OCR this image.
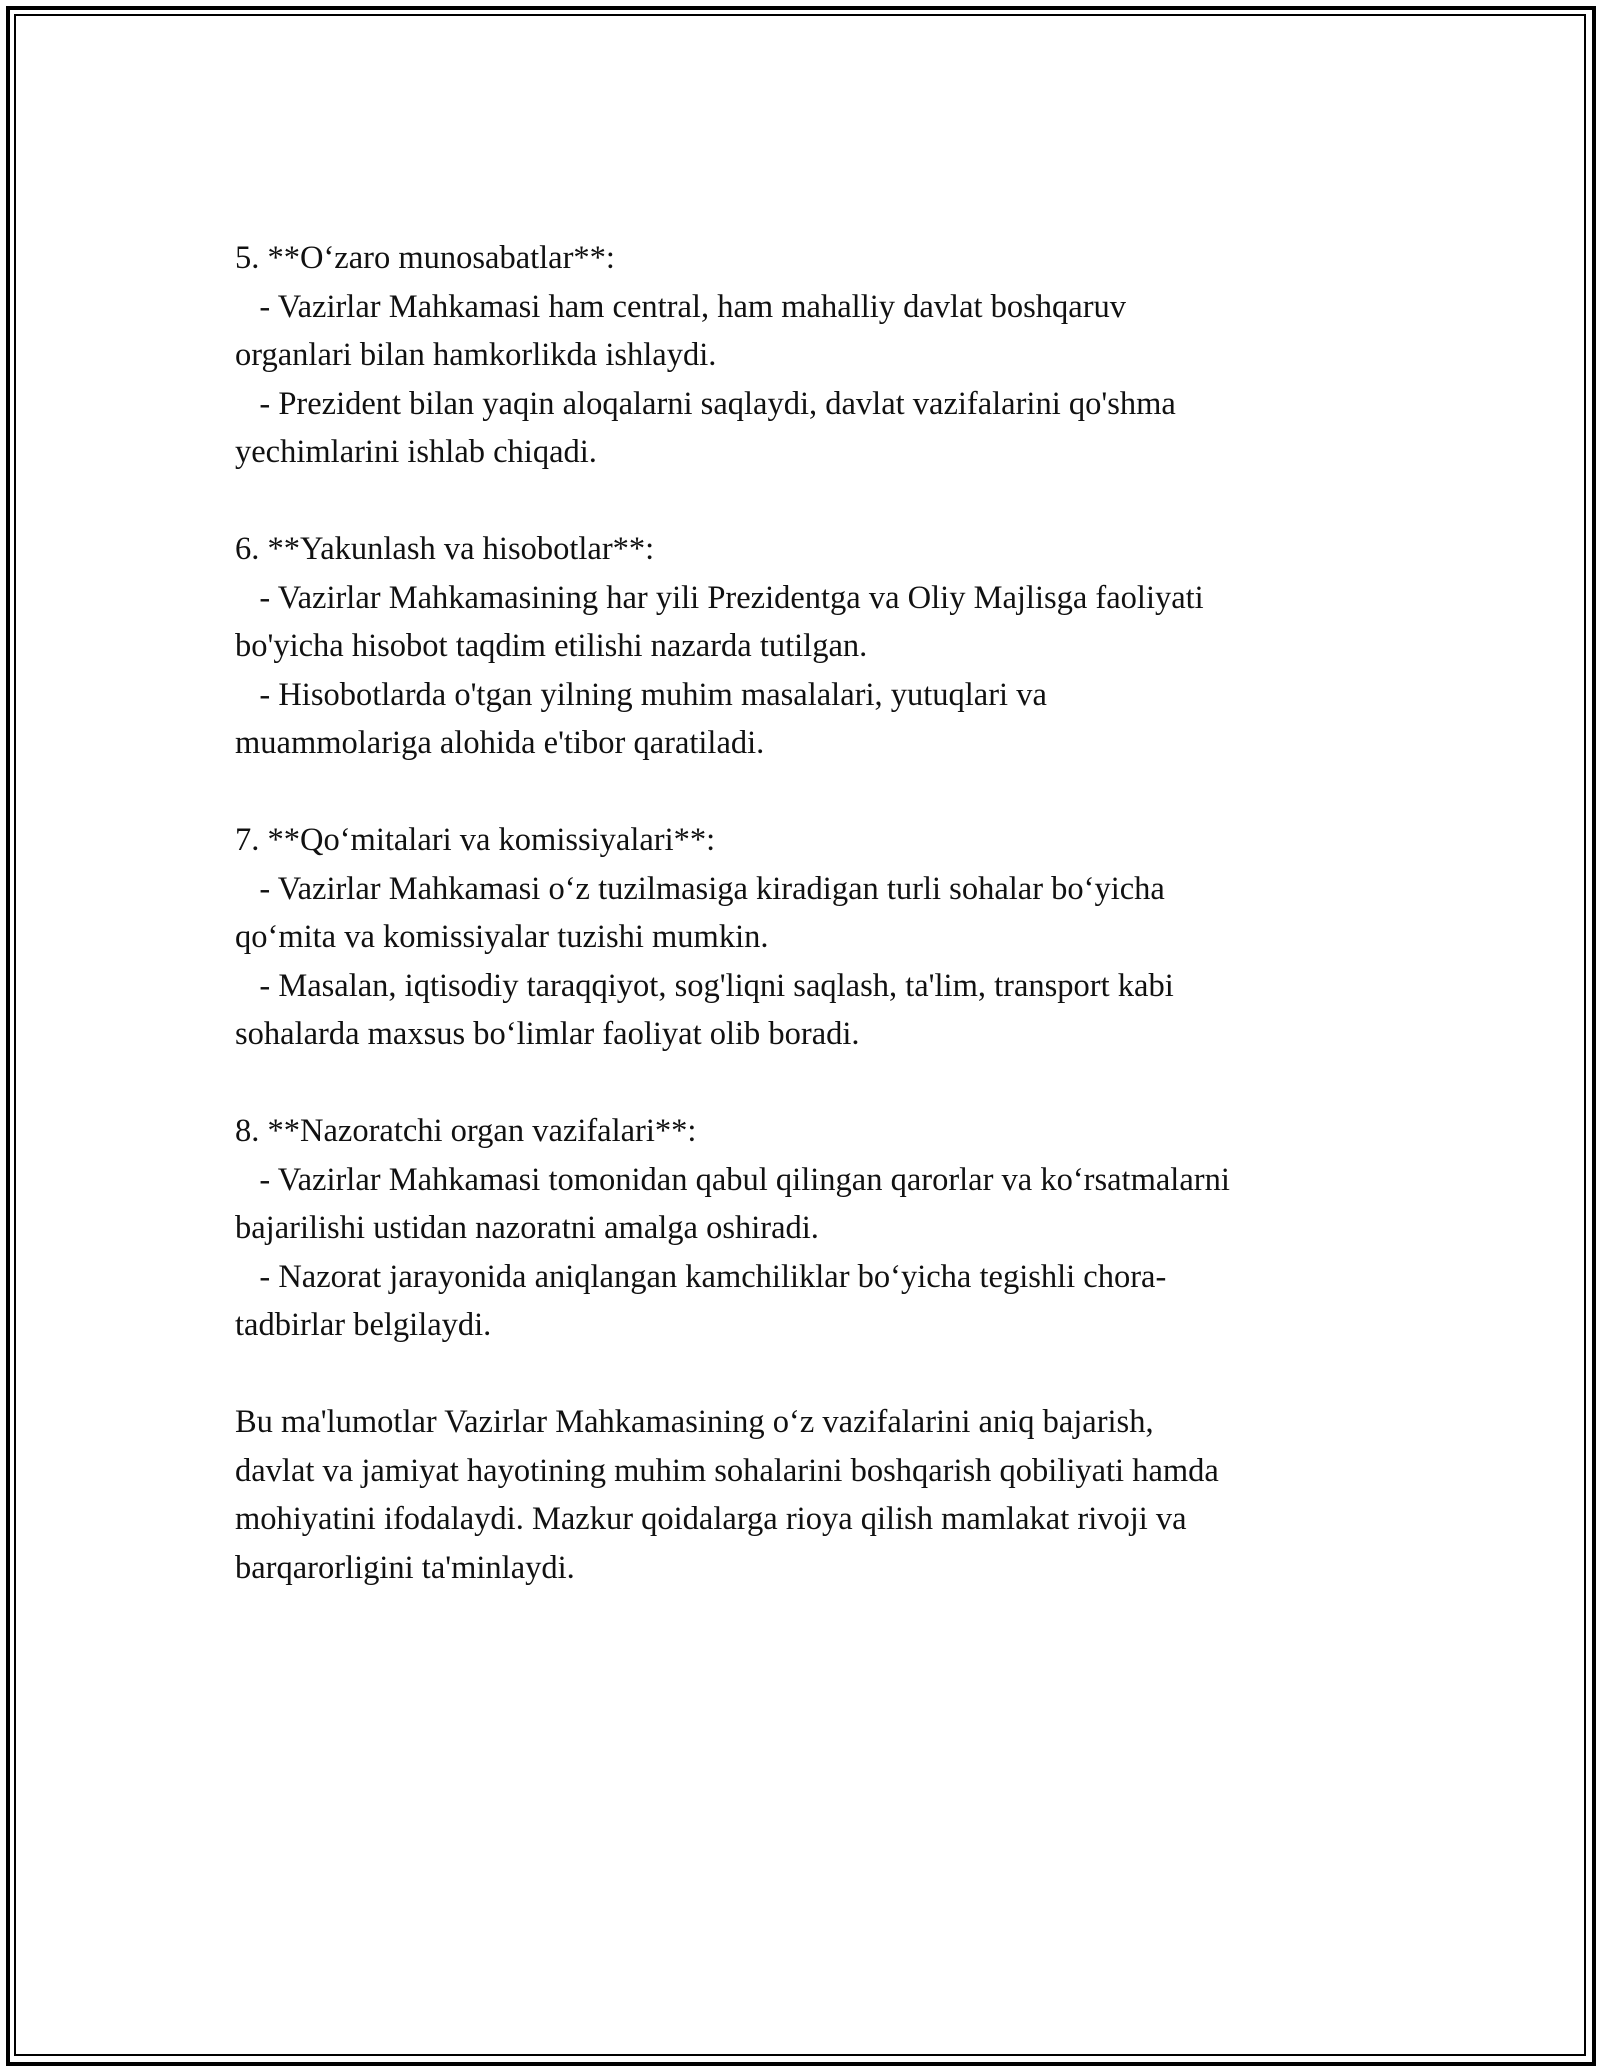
5. **O‘zaro munosabatlar**:
- Vazirlar Mahkamasi ham central, ham mahalliy davlat boshqaruv
organlari bilan hamkorlikda ishlaydi.
- Prezident bilan yaqin aloqalarni saqlaydi, davlat vazifalarini qo'shma
yechimlarini ishlab chiqadi.
6. **Yakunlash va hisobotlar**:
- Vazirlar Mahkamasining har yili Prezidentga va Oliy Majlisga faoliyati
bo'yicha hisobot taqdim etilishi nazarda tutilgan.
- Hisobotlarda o'tgan yilning muhim masalalari, yutuqlari va
muammolariga alohida e'tibor qaratiladi.
7. **Qo‘mitalari va komissiyalari**:
- Vazirlar Mahkamasi o‘z tuzilmasiga kiradigan turli sohalar bo‘yicha
qo‘mita va komissiyalar tuzishi mumkin.
- Masalan, iqtisodiy taraqqiyot, sog'liqni saqlash, ta'lim, transport kabi
sohalarda maxsus bo‘limlar faoliyat olib boradi.
8. **Nazoratchi organ vazifalari**:
- Vazirlar Mahkamasi tomonidan qabul qilingan qarorlar va ko‘rsatmalarni
bajarilishi ustidan nazoratni amalga oshiradi.
- Nazorat jarayonida aniqlangan kamchiliklar bo‘yicha tegishli chora-
tadbirlar belgilaydi.
Bu ma'lumotlar Vazirlar Mahkamasining o‘z vazifalarini aniq bajarish,
davlat va jamiyat hayotining muhim sohalarini boshqarish qobiliyati hamda
mohiyatini ifodalaydi. Mazkur qoidalarga rioya qilish mamlakat rivoji va
barqarorligini ta'minlaydi.
